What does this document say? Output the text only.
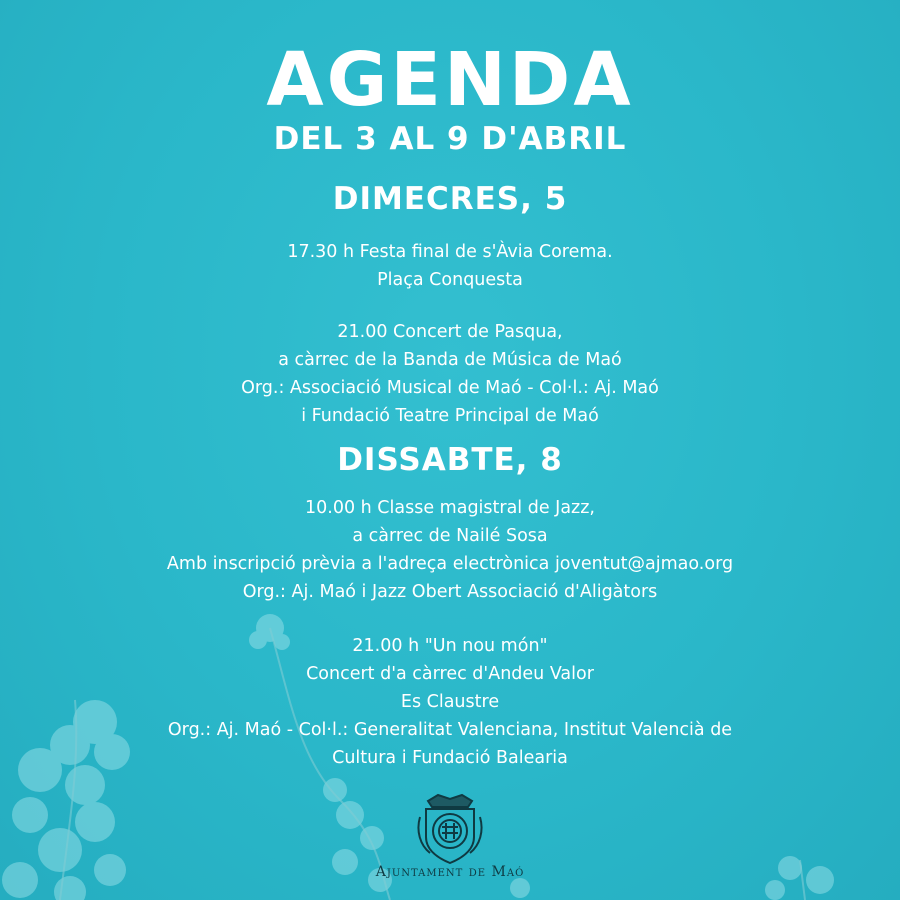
AGENDA
DEL 3 AL 9 D'ABRIL
DIMECRES, 5
17.30 h Festa final de s'Àvia Corema.
Plaça Conquesta
21.00 Concert de Pasqua,
a càrrec de la Banda de Música de Maó
Org.: Associació Musical de Maó - Col·l.: Aj. Maó
i Fundació Teatre Principal de Maó
DISSABTE, 8
10.00 h Classe magistral de Jazz,
a càrrec de Nailé Sosa
Amb inscripció prèvia a l'adreça electrònica joventut@ajmao.org
Org.: Aj. Maó i Jazz Obert Associació d'Aligàtors
21.00 h "Un nou món"
Concert d'a càrrec d'Andeu Valor
Es Claustre
Org.: Aj. Maó - Col·l.: Generalitat Valenciana, Institut Valencià de
Cultura i Fundació Balearia
Ajuntament de Maó
